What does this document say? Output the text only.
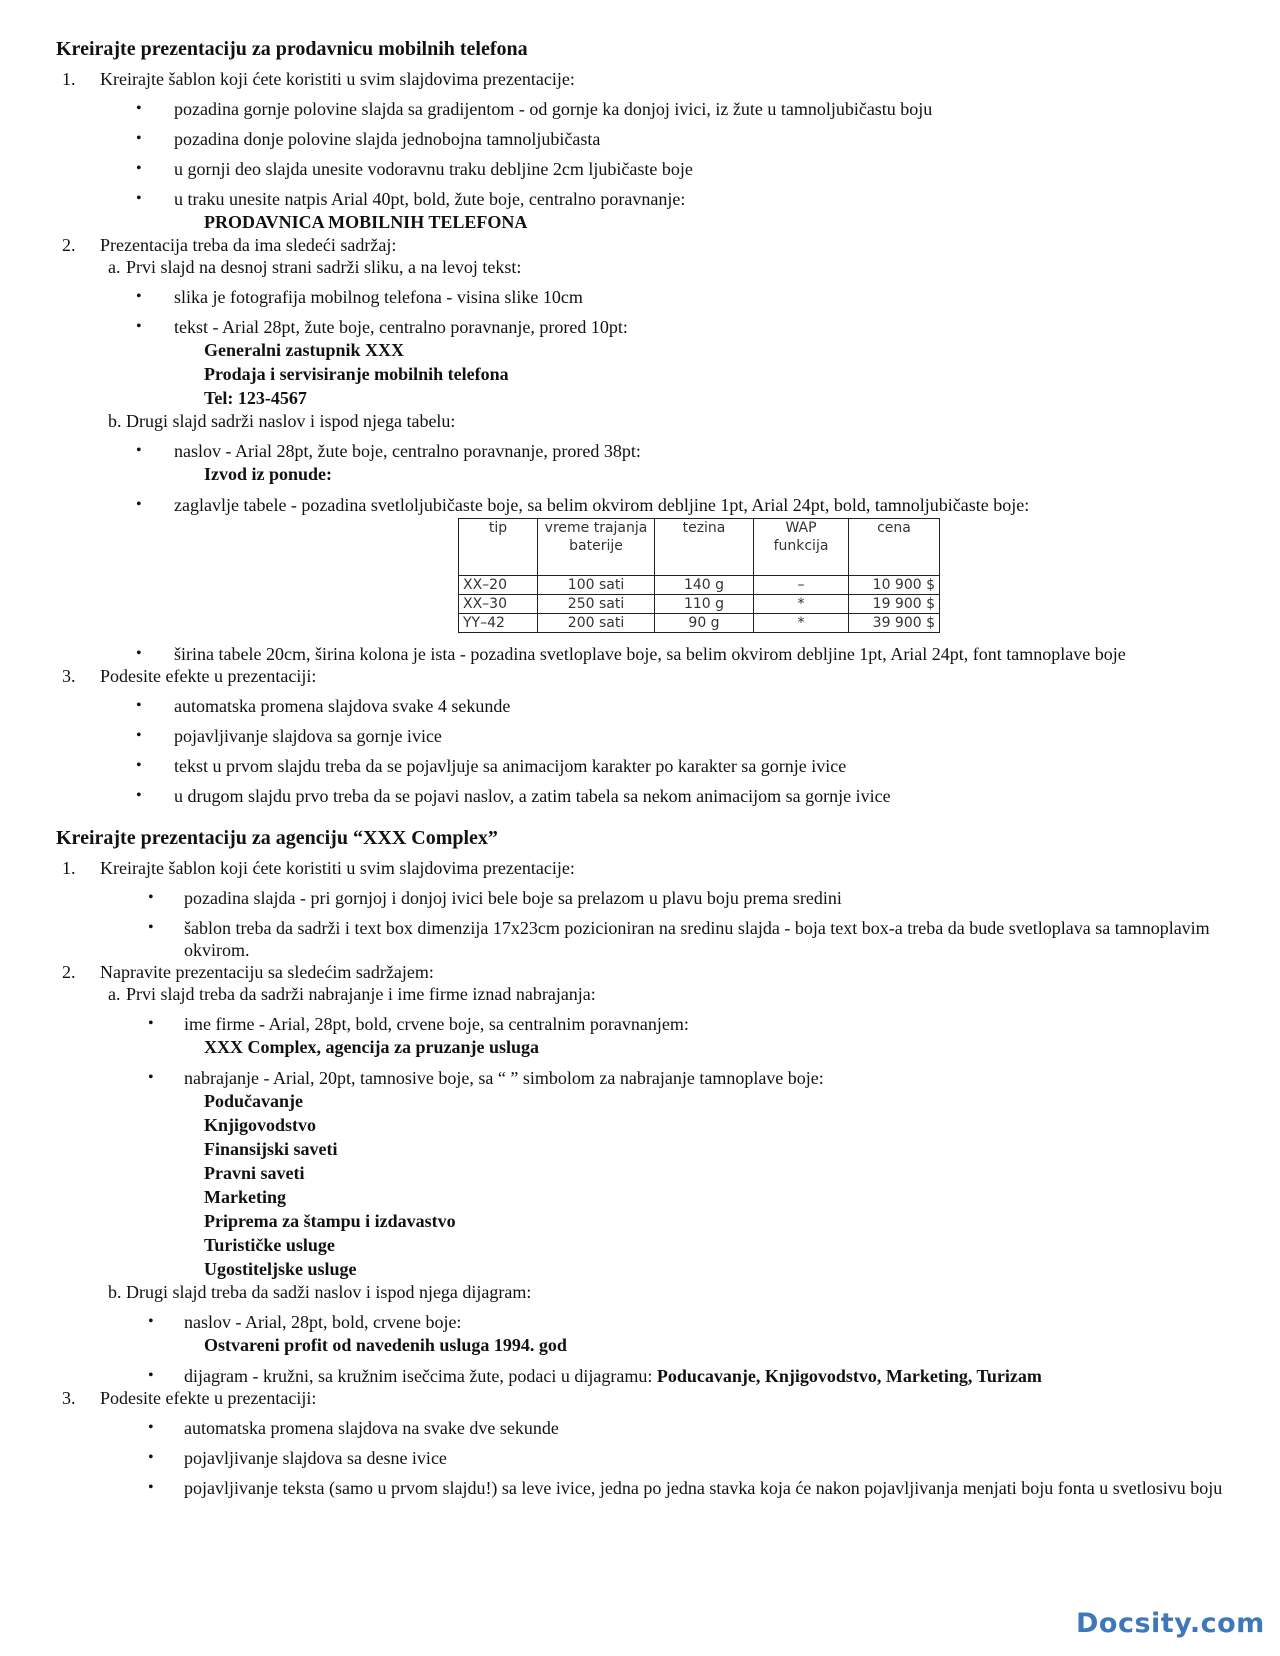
Kreirajte prezentaciju za prodavnicu mobilnih telefona
1. Kreirajte šablon koji ćete koristiti u svim slajdovima prezentacije:
• pozadina gornje polovine slajda sa gradijentom - od gornje ka donjoj ivici, iz žute u tamnoljubičastu boju
• pozadina donje polovine slajda jednobojna tamnoljubičasta
• u gornji deo slajda unesite vodoravnu traku debljine 2cm ljubičaste boje
• u traku unesite natpis Arial 40pt, bold, žute boje, centralno poravnanje:
PRODAVNICA MOBILNIH TELEFONA
2. Prezentacija treba da ima sledeći sadržaj:
a. Prvi slajd na desnoj strani sadrži sliku, a na levoj tekst:
• slika je fotografija mobilnog telefona - visina slike 10cm
• tekst - Arial 28pt, žute boje, centralno poravnanje, prored 10pt:
Generalni zastupnik XXX
Prodaja i servisiranje mobilnih telefona
Tel: 123-4567
b. Drugi slajd sadrži naslov i ispod njega tabelu:
• naslov - Arial 28pt, žute boje, centralno poravnanje, prored 38pt:
Izvod iz ponude:
• zaglavlje tabele - pozadina svetloljubičaste boje, sa belim okvirom debljine 1pt, Arial 24pt, bold, tamnoljubičaste boje:
tip	vreme trajanja baterije	tezina	WAP funkcija	cena
XX–20	100 sati	140 g	–	10 900 $
XX–30	250 sati	110 g	*	19 900 $
YY–42	200 sati	90 g	*	39 900 $
• širina tabele 20cm, širina kolona je ista - pozadina svetloplave boje, sa belim okvirom debljine 1pt, Arial 24pt, font tamnoplave boje
3. Podesite efekte u prezentaciji:
• automatska promena slajdova svake 4 sekunde
• pojavljivanje slajdova sa gornje ivice
• tekst u prvom slajdu treba da se pojavljuje sa animacijom karakter po karakter sa gornje ivice
• u drugom slajdu prvo treba da se pojavi naslov, a zatim tabela sa nekom animacijom sa gornje ivice
Kreirajte prezentaciju za agenciju “XXX Complex”
1. Kreirajte šablon koji ćete koristiti u svim slajdovima prezentacije:
• pozadina slajda - pri gornjoj i donjoj ivici bele boje sa prelazom u plavu boju prema sredini
• šablon treba da sadrži i text box dimenzija 17x23cm pozicioniran na sredinu slajda - boja text box-a treba da bude svetloplava sa tamnoplavim okvirom.
2. Napravite prezentaciju sa sledećim sadržajem:
a. Prvi slajd treba da sadrži nabrajanje i ime firme iznad nabrajanja:
• ime firme - Arial, 28pt, bold, crvene boje, sa centralnim poravnanjem:
XXX Complex, agencija za pruzanje usluga
• nabrajanje - Arial, 20pt, tamnosive boje, sa “ ” simbolom za nabrajanje tamnoplave boje:
Podučavanje
Knjigovodstvo
Finansijski saveti
Pravni saveti
Marketing
Priprema za štampu i izdavastvo
Turističke usluge
Ugostiteljske usluge
b. Drugi slajd treba da sadži naslov i ispod njega dijagram:
• naslov - Arial, 28pt, bold, crvene boje:
Ostvareni profit od navedenih usluga 1994. god
• dijagram - kružni, sa kružnim isečcima žute, podaci u dijagramu: Poducavanje, Knjigovodstvo, Marketing, Turizam
3. Podesite efekte u prezentaciji:
• automatska promena slajdova na svake dve sekunde
• pojavljivanje slajdova sa desne ivice
• pojavljivanje teksta (samo u prvom slajdu!) sa leve ivice, jedna po jedna stavka koja će nakon pojavljivanja menjati boju fonta u svetlosivu boju
Docsity.com
